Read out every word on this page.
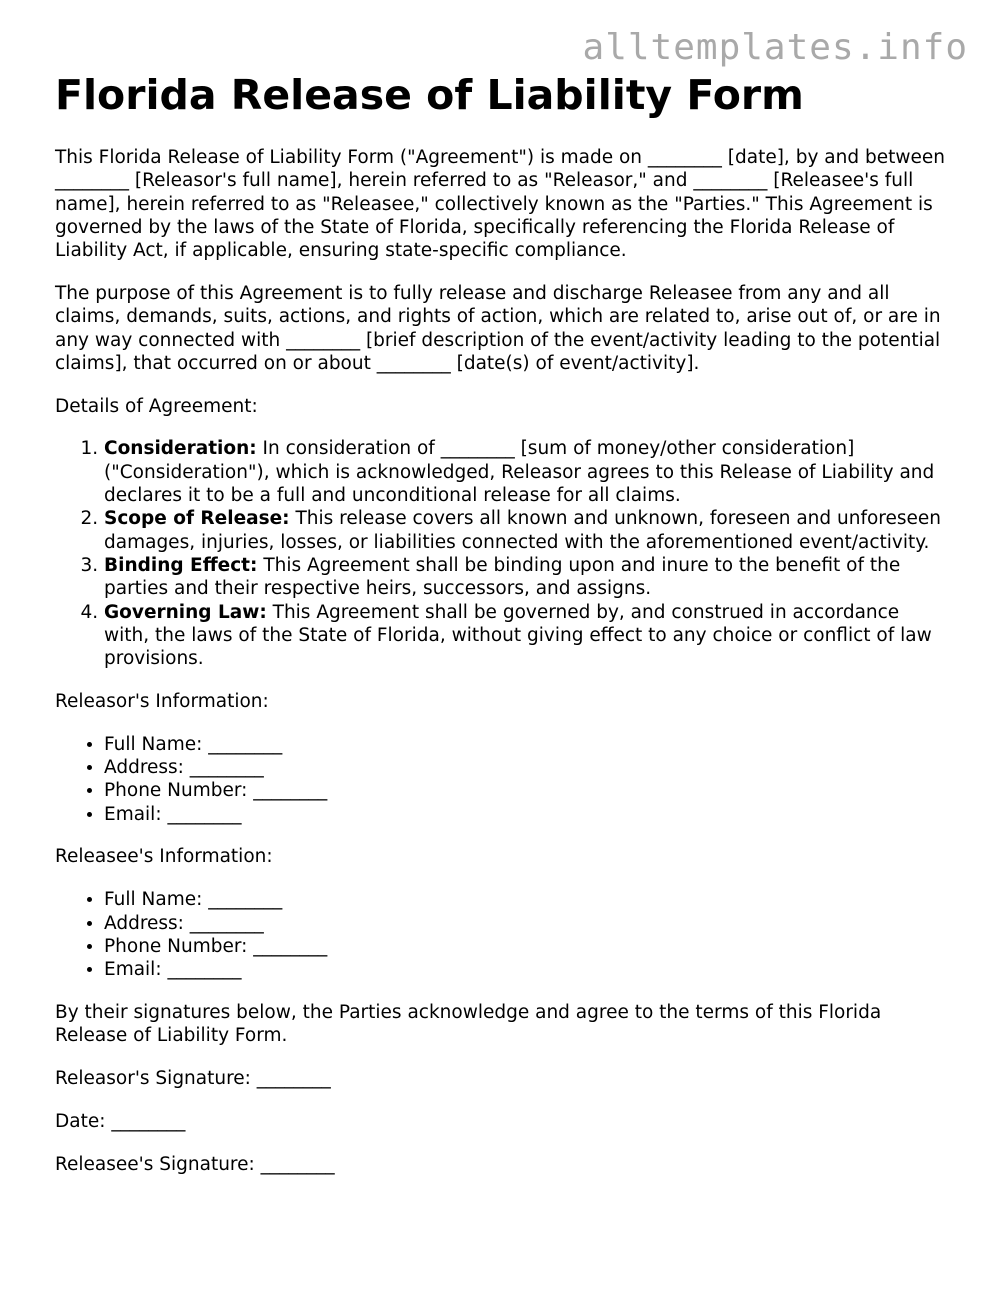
alltemplates.info
Florida Release of Liability Form

This Florida Release of Liability Form ("Agreement") is made on ________ [date], by and between ________ [Releasor's full name], herein referred to as "Releasor," and ________ [Releasee's full name], herein referred to as "Releasee," collectively known as the "Parties." This Agreement is governed by the laws of the State of Florida, specifically referencing the Florida Release of Liability Act, if applicable, ensuring state-specific compliance.

The purpose of this Agreement is to fully release and discharge Releasee from any and all claims, demands, suits, actions, and rights of action, which are related to, arise out of, or are in any way connected with ________ [brief description of the event/activity leading to the potential claims], that occurred on or about ________ [date(s) of event/activity].

Details of Agreement:

1. Consideration: In consideration of ________ [sum of money/other consideration] ("Consideration"), which is acknowledged, Releasor agrees to this Release of Liability and declares it to be a full and unconditional release for all claims.
2. Scope of Release: This release covers all known and unknown, foreseen and unforeseen damages, injuries, losses, or liabilities connected with the aforementioned event/activity.
3. Binding Effect: This Agreement shall be binding upon and inure to the benefit of the parties and their respective heirs, successors, and assigns.
4. Governing Law: This Agreement shall be governed by, and construed in accordance with, the laws of the State of Florida, without giving effect to any choice or conflict of law provisions.

Releasor's Information:

• Full Name: ________
• Address: ________
• Phone Number: ________
• Email: ________

Releasee's Information:

• Full Name: ________
• Address: ________
• Phone Number: ________
• Email: ________

By their signatures below, the Parties acknowledge and agree to the terms of this Florida Release of Liability Form.

Releasor's Signature: ________

Date: ________

Releasee's Signature: ________
